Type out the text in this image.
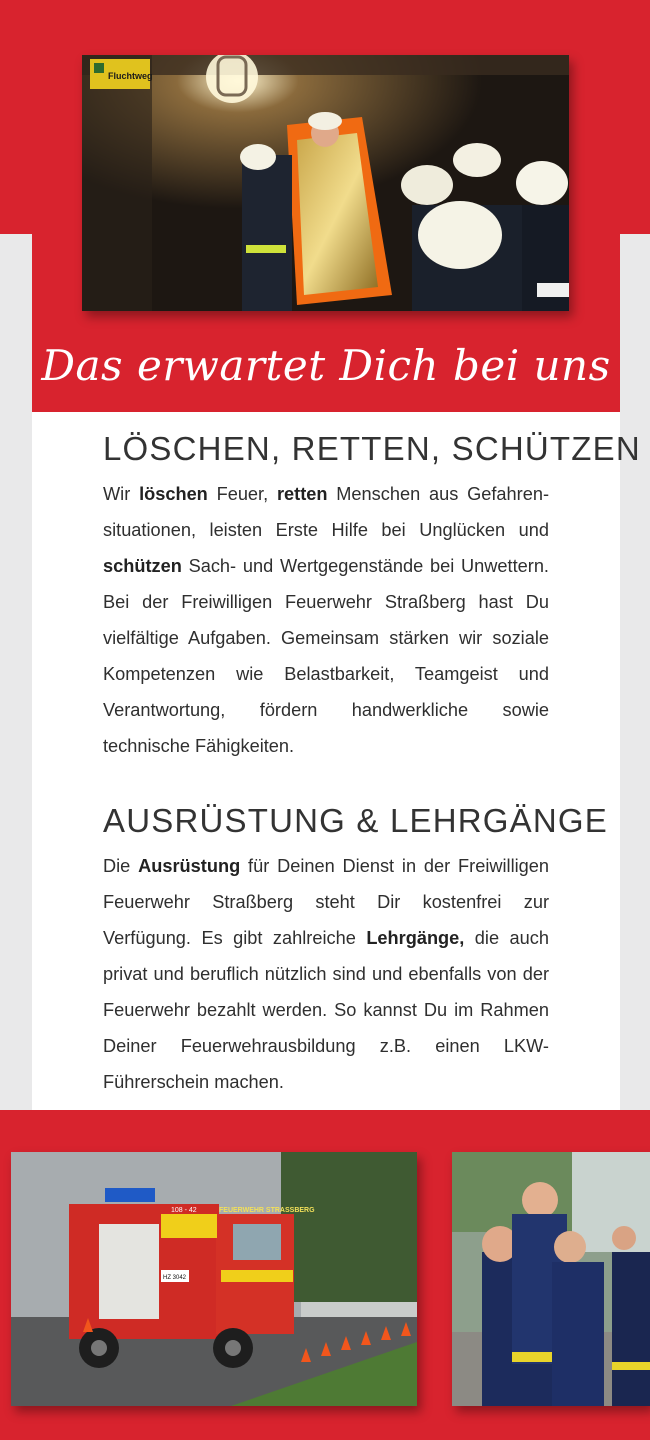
Fluchtweg
Das erwartet Dich bei uns
LÖSCHEN, RETTEN, SCHÜTZEN

Wir löschen Feuer, retten Menschen aus Gefahrensituationen, leisten Erste Hilfe bei Unglücken und schützen Sach- und Wertgegenstände bei Unwettern. Bei der Freiwilligen Feuerwehr Straßberg hast Du vielfältige Aufgaben. Gemeinsam stärken wir soziale Kompetenzen wie Belastbarkeit, Teamgeist und Verantwortung, fördern handwerkliche sowie technische Fähigkeiten.

AUSRÜSTUNG & LEHRGÄNGE

Die Ausrüstung für Deinen Dienst in der Freiwilligen Feuerwehr Straßberg steht Dir kostenfrei zur Verfügung. Es gibt zahlreiche Lehrgänge, die auch privat und beruflich nützlich sind und ebenfalls von der Feuerwehr bezahlt werden. So kannst Du im Rahmen Deiner Feuerwehrausbildung z.B. einen LKW-Führerschein machen.

FEUERWEHR STRASSBERG
108 - 42
HZ 3042
